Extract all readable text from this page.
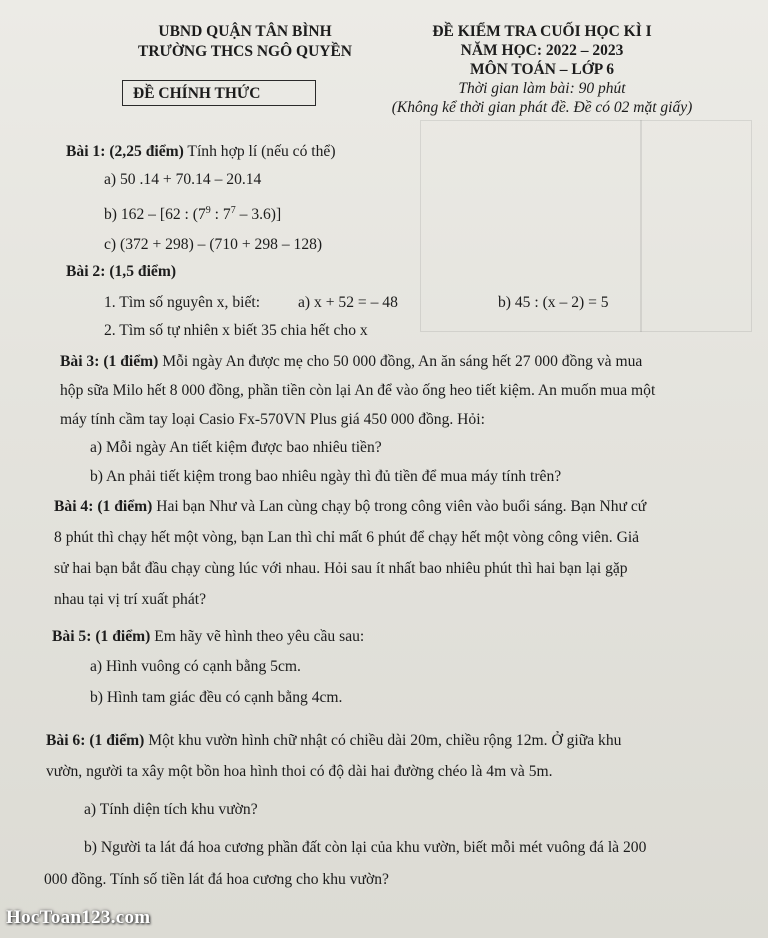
UBND QUẬN TÂN BÌNH
TRƯỜNG THCS NGÔ QUYỀN
ĐỀ CHÍNH THỨC
ĐỀ KIỂM TRA CUỐI HỌC KÌ I
NĂM HỌC: 2022 – 2023
MÔN TOÁN – LỚP 6
Thời gian làm bài: 90 phút
(Không kể thời gian phát đề. Đề có 02 mặt giấy)
Bài 1: (2,25 điểm) Tính hợp lí (nếu có thể)
a) 50 .14 + 70.14 – 20.14
b) 162 – [62 : ($7^9$ : $7^7 - 3.6$)]
c) (372 + 298) – (710 + 298 – 128)
Bài 2: (1,5 điểm)
1. Tìm số nguyên x, biết: a) x + 52 = – 48	b) 45 : (x – 2) = 5
2. Tìm số tự nhiên x biết 35 chia hết cho x
Bài 3: (1 điểm) Mỗi ngày An được mẹ cho 50 000 đồng, An ăn sáng hết 27 000 đồng và mua
hộp sữa Milo hết 8 000 đồng, phần tiền còn lại An để vào ống heo tiết kiệm. An muốn mua một
máy tính cầm tay loại Casio Fx-570VN Plus giá 450 000 đồng. Hỏi:
a) Mỗi ngày An tiết kiệm được bao nhiêu tiền?
b) An phải tiết kiệm trong bao nhiêu ngày thì đủ tiền để mua máy tính trên?
Bài 4: (1 điểm) Hai bạn Như và Lan cùng chạy bộ trong công viên vào buổi sáng. Bạn Như cứ
8 phút thì chạy hết một vòng, bạn Lan thì chỉ mất 6 phút để chạy hết một vòng công viên. Giả
sử hai bạn bắt đầu chạy cùng lúc với nhau. Hỏi sau ít nhất bao nhiêu phút thì hai bạn lại gặp
nhau tại vị trí xuất phát?
Bài 5: (1 điểm) Em hãy vẽ hình theo yêu cầu sau:
a) Hình vuông có cạnh bằng 5cm.
b) Hình tam giác đều có cạnh bằng 4cm.
Bài 6: (1 điểm) Một khu vườn hình chữ nhật có chiều dài 20m, chiều rộng 12m. Ở giữa khu
vườn, người ta xây một bồn hoa hình thoi có độ dài hai đường chéo là 4m và 5m.
a) Tính diện tích khu vườn?
b) Người ta lát đá hoa cương phần đất còn lại của khu vườn, biết mỗi mét vuông đá là 200
000 đồng. Tính số tiền lát đá hoa cương cho khu vườn?
HocToan123.com
